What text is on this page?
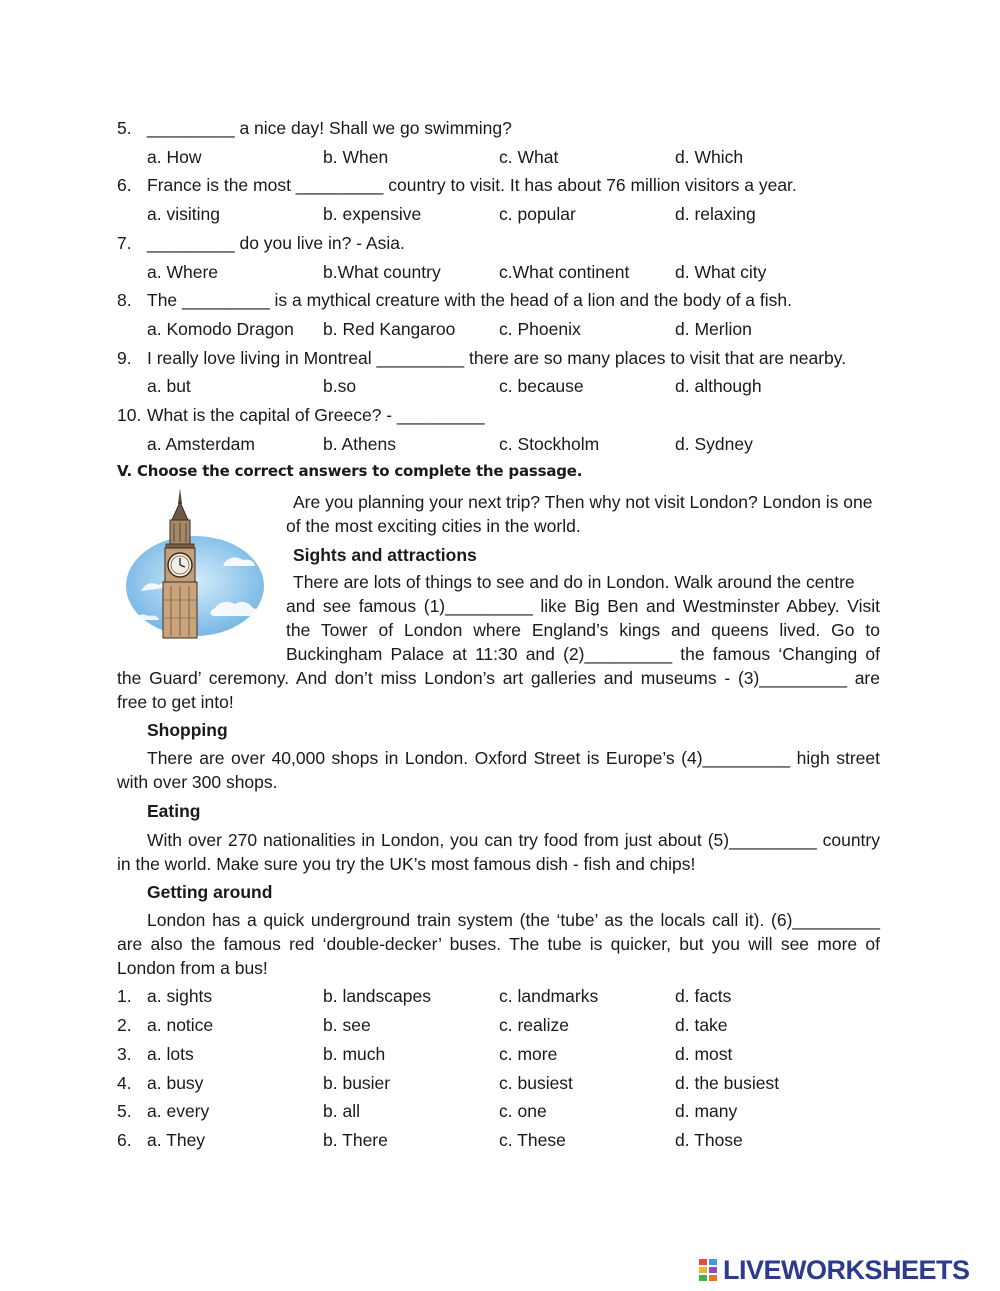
5. _________ a nice day! Shall we go swimming?
a. How	b. When	c. What	d. Which
6. France is the most _________ country to visit. It has about 76 million visitors a year.
a. visiting	b. expensive	c. popular	d. relaxing
7. _________ do you live in? - Asia.
a. Where	b.What country	c.What continent	d. What city
8. The _________ is a mythical creature with the head of a lion and the body of a fish.
a. Komodo Dragon b. Red Kangaroo c. Phoenix	d. Merlion
9. I really love living in Montreal _________ there are so many places to visit that are nearby.
a. but	b.so	c. because	d. although
10. What is the capital of Greece? - _________
a. Amsterdam	b. Athens	c. Stockholm	d. Sydney
V. Choose the correct answers to complete the passage.
Are you planning your next trip? Then why not visit London? London is one
of the most exciting cities in the world.
Sights and attractions
There are lots of things to see and do in London. Walk around the centre
and see famous (1)_________ like Big Ben and Westminster Abbey. Visit
the Tower of London where England’s kings and queens lived. Go to
Buckingham Palace at 11:30 and (2)_________ the famous ‘Changing of
the Guard’ ceremony. And don’t miss London’s art galleries and museums - (3)_________ are
free to get into!
Shopping
There are over 40,000 shops in London. Oxford Street is Europe’s (4)_________ high street
with over 300 shops.
Eating
With over 270 nationalities in London, you can try food from just about (5)_________ country
in the world. Make sure you try the UK’s most famous dish - fish and chips!
Getting around
London has a quick underground train system (the ‘tube’ as the locals call it). (6)_________
are also the famous red ‘double-decker’ buses. The tube is quicker, but you will see more of
London from a bus!
1. a. sights	b. landscapes	c. landmarks	d. facts
2. a. notice	b. see	c. realize	d. take
3. a. lots	b. much	c. more	d. most
4. a. busy	b. busier	c. busiest	d. the busiest
5. a. every	b. all	c. one	d. many
6. a. They	b. There	c. These	d. Those
LIVEWORKSHEETS
